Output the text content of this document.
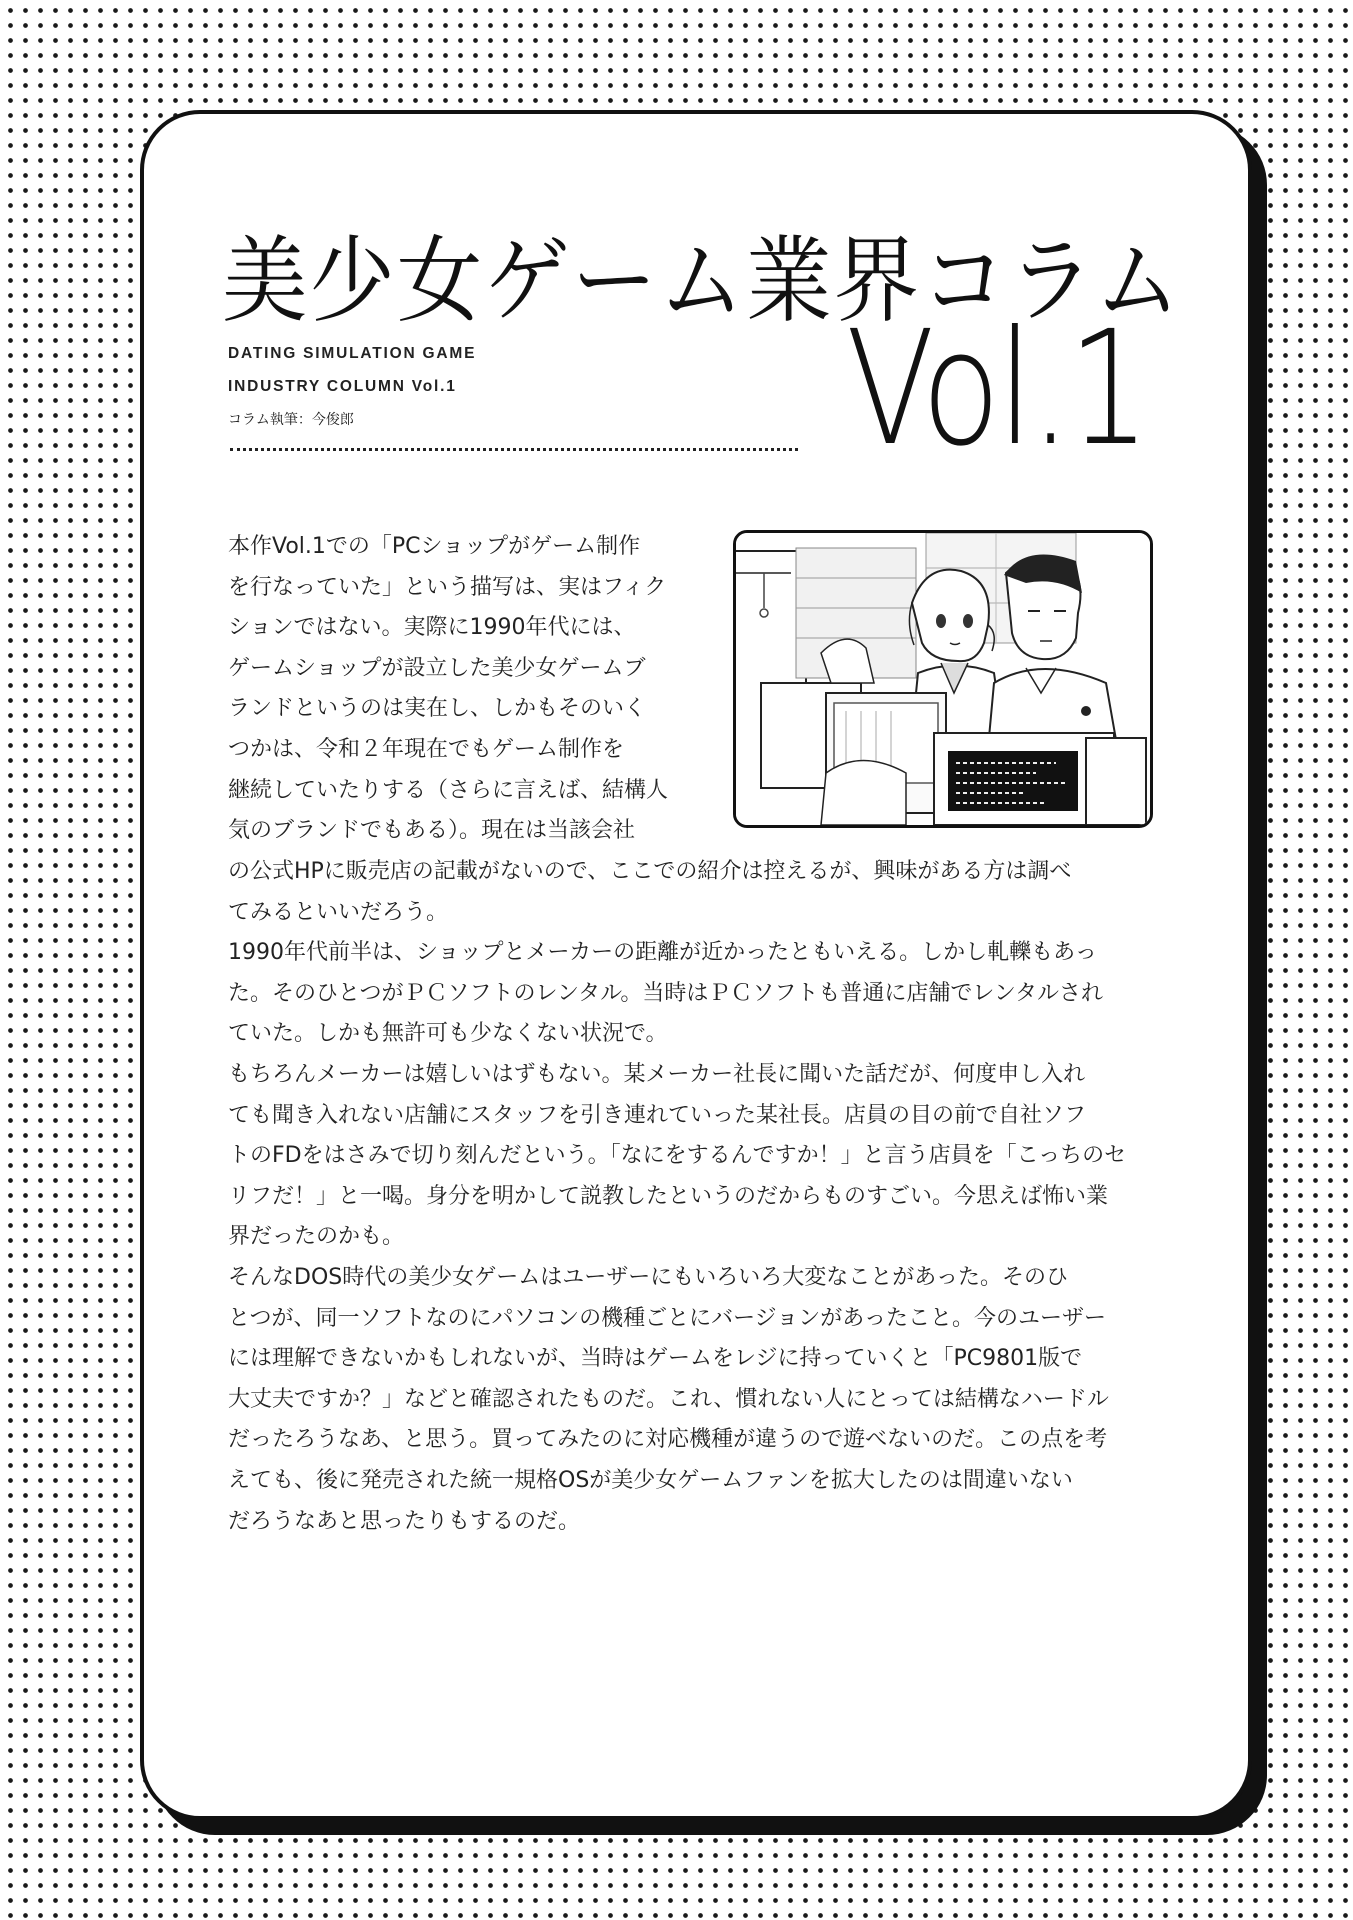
美少女ゲーム業界コラム
Vol.1
DATING SIMULATION GAME
INDUSTRY COLUMN Vol.1
コラム執筆：今俊郎
本作Vol.1での「PCショップがゲーム制作
を行なっていた」という描写は、実はフィク
ションではない。実際に1990年代には、
ゲームショップが設立した美少女ゲームブ
ランドというのは実在し、しかもそのいく
つかは、令和２年現在でもゲーム制作を
継続していたりする（さらに言えば、結構人
気のブランドでもある）。現在は当該会社
の公式HPに販売店の記載がないので、ここでの紹介は控えるが、興味がある方は調べ
てみるといいだろう。
1990年代前半は、ショップとメーカーの距離が近かったともいえる。しかし軋轢もあっ
た。そのひとつがＰＣソフトのレンタル。当時はＰＣソフトも普通に店舗でレンタルされ
ていた。しかも無許可も少なくない状況で。
もちろんメーカーは嬉しいはずもない。某メーカー社長に聞いた話だが、何度申し入れ
ても聞き入れない店舗にスタッフを引き連れていった某社長。店員の目の前で自社ソフ
トのFDをはさみで切り刻んだという。「なにをするんですか！」と言う店員を「こっちのセ
リフだ！」と一喝。身分を明かして説教したというのだからものすごい。今思えば怖い業
界だったのかも。
そんなDOS時代の美少女ゲームはユーザーにもいろいろ大変なことがあった。そのひ
とつが、同一ソフトなのにパソコンの機種ごとにバージョンがあったこと。今のユーザー
には理解できないかもしれないが、当時はゲームをレジに持っていくと「PC9801版で
大丈夫ですか？」などと確認されたものだ。これ、慣れない人にとっては結構なハードル
だったろうなあ、と思う。買ってみたのに対応機種が違うので遊べないのだ。この点を考
えても、後に発売された統一規格OSが美少女ゲームファンを拡大したのは間違いない
だろうなあと思ったりもするのだ。
